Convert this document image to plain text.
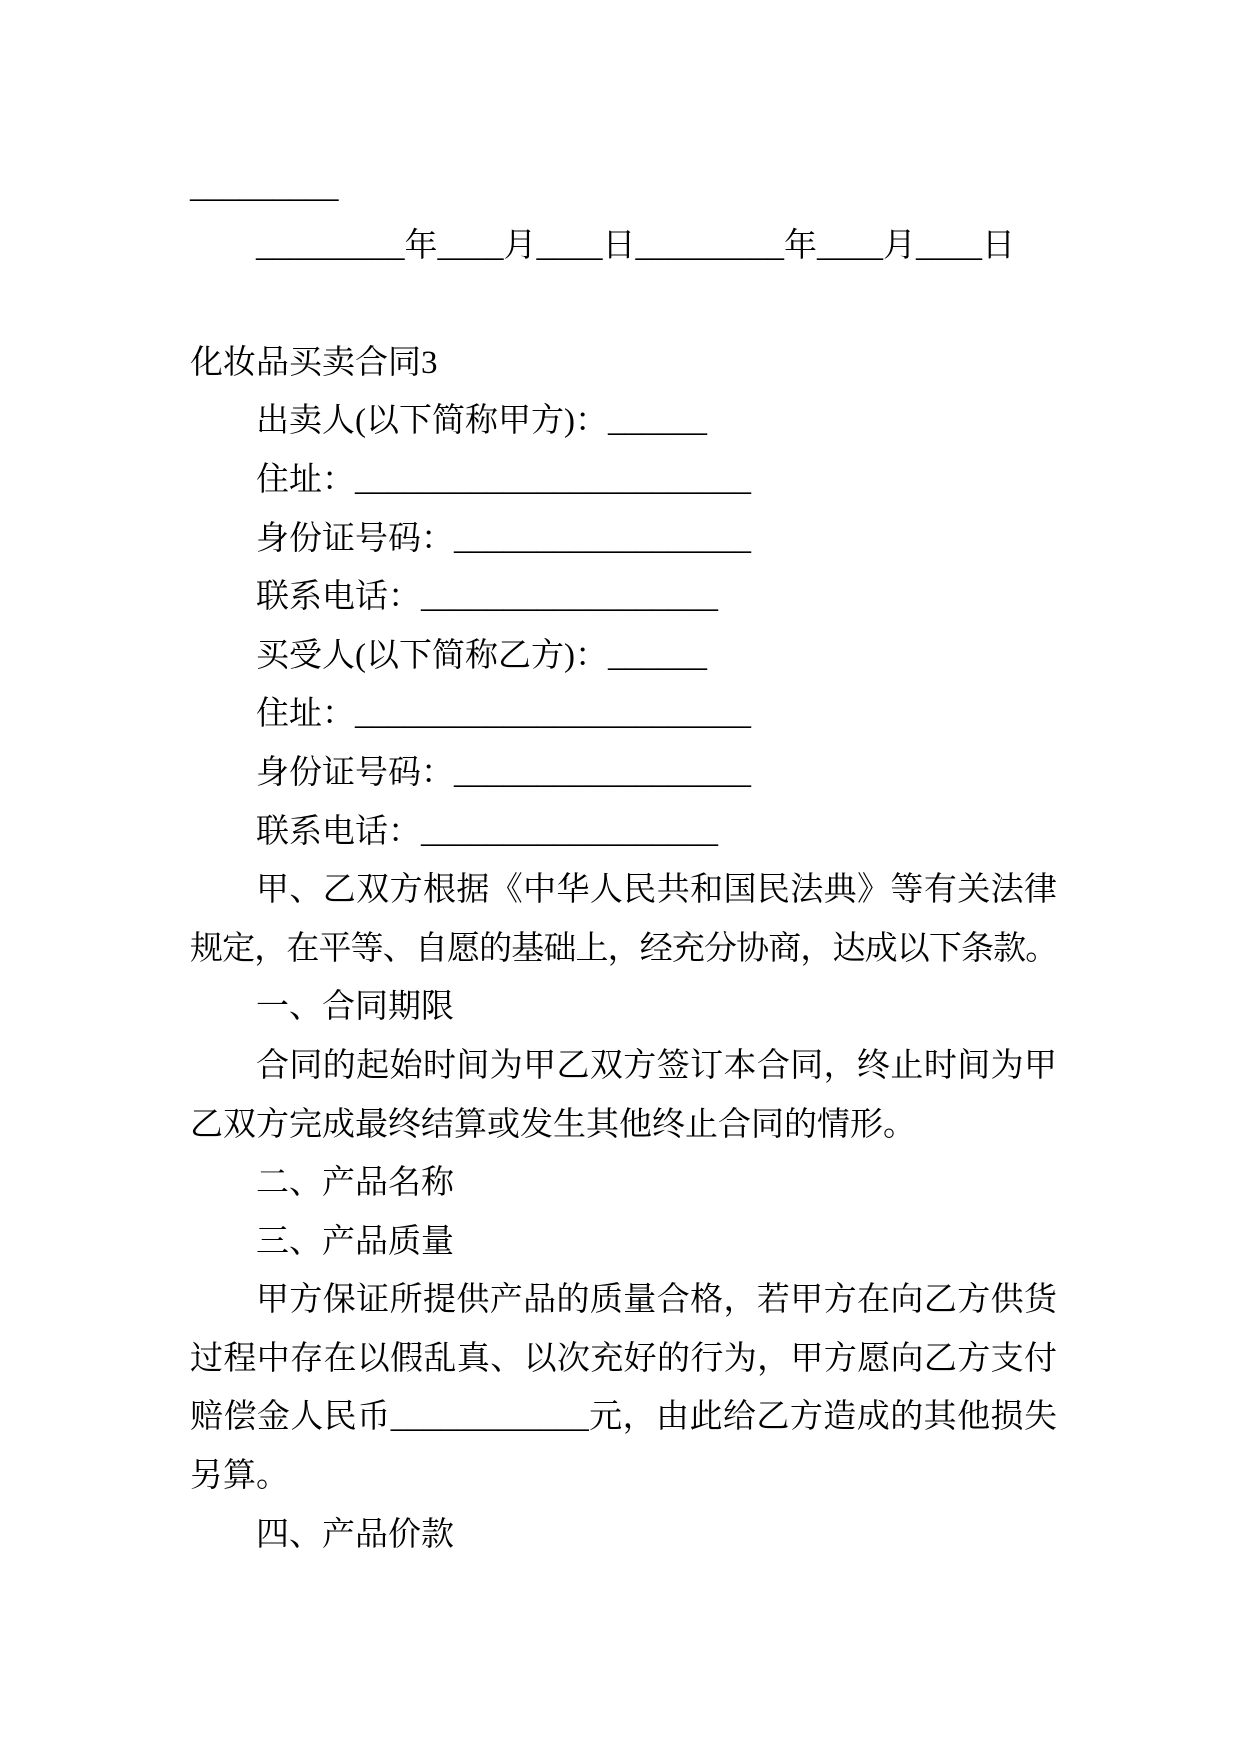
_________
_________年____月____日_________年____月____日
化妆品买卖合同3
出卖人(以下简称甲方)：______
住址：________________________
身份证号码：__________________
联系电话：__________________
买受人(以下简称乙方)：______
住址：________________________
身份证号码：__________________
联系电话：__________________
甲、乙双方根据《中华人民共和国民法典》等有关法律
规定，在平等、自愿的基础上，经充分协商，达成以下条款。
一、合同期限
合同的起始时间为甲乙双方签订本合同，终止时间为甲
乙双方完成最终结算或发生其他终止合同的情形。
二、产品名称
三、产品质量
甲方保证所提供产品的质量合格，若甲方在向乙方供货
过程中存在以假乱真、以次充好的行为，甲方愿向乙方支付
赔偿金人民币____________元，由此给乙方造成的其他损失
另算。
四、产品价款
